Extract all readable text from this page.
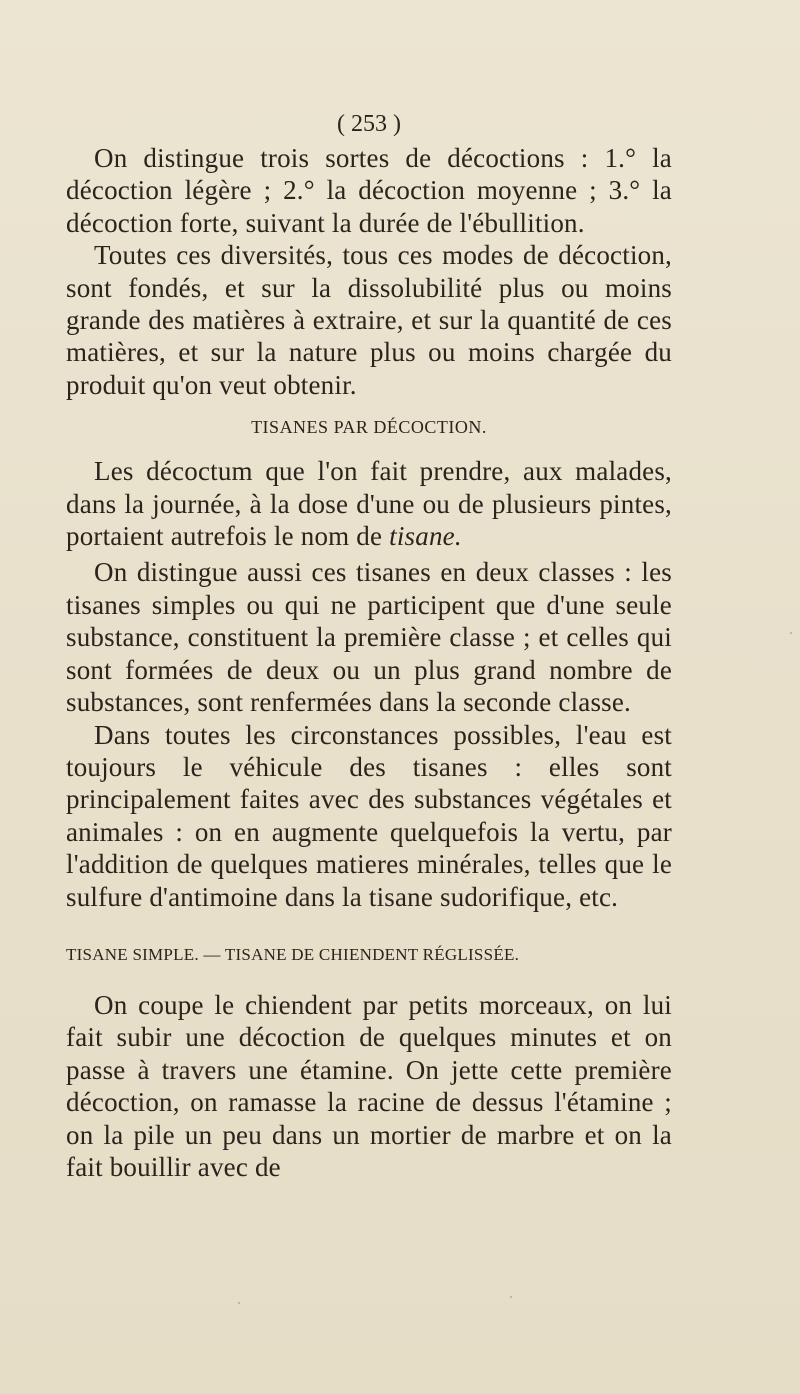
( 253 )

On distingue trois sortes de décoctions : 1.° la décoction légère ; 2.° la décoction moyenne ; 3.° la décoction forte, suivant la durée de l'ébullition.

Toutes ces diversités, tous ces modes de décoction, sont fondés, et sur la dissolubilité plus ou moins grande des matières à extraire, et sur la quantité de ces matières, et sur la nature plus ou moins chargée du produit qu'on veut obtenir.

TISANES PAR DÉCOCTION.

Les décoctum que l'on fait prendre, aux malades, dans la journée, à la dose d'une ou de plusieurs pintes, portaient autrefois le nom de tisane.

On distingue aussi ces tisanes en deux classes : les tisanes simples ou qui ne participent que d'une seule substance, constituent la première classe ; et celles qui sont formées de deux ou un plus grand nombre de substances, sont renfermées dans la seconde classe.

Dans toutes les circonstances possibles, l'eau est toujours le véhicule des tisanes : elles sont principalement faites avec des substances végétales et animales : on en augmente quelquefois la vertu, par l'addition de quelques matieres minérales, telles que le sulfure d'antimoine dans la tisane sudorifique, etc.

TISANE SIMPLE. — TISANE DE CHIENDENT RÉGLISSÉE.

On coupe le chiendent par petits morceaux, on lui fait subir une décoction de quelques minutes et on passe à travers une étamine. On jette cette première décoction, on ramasse la racine de dessus l'étamine ; on la pile un peu dans un mortier de marbre et on la fait bouillir avec de
